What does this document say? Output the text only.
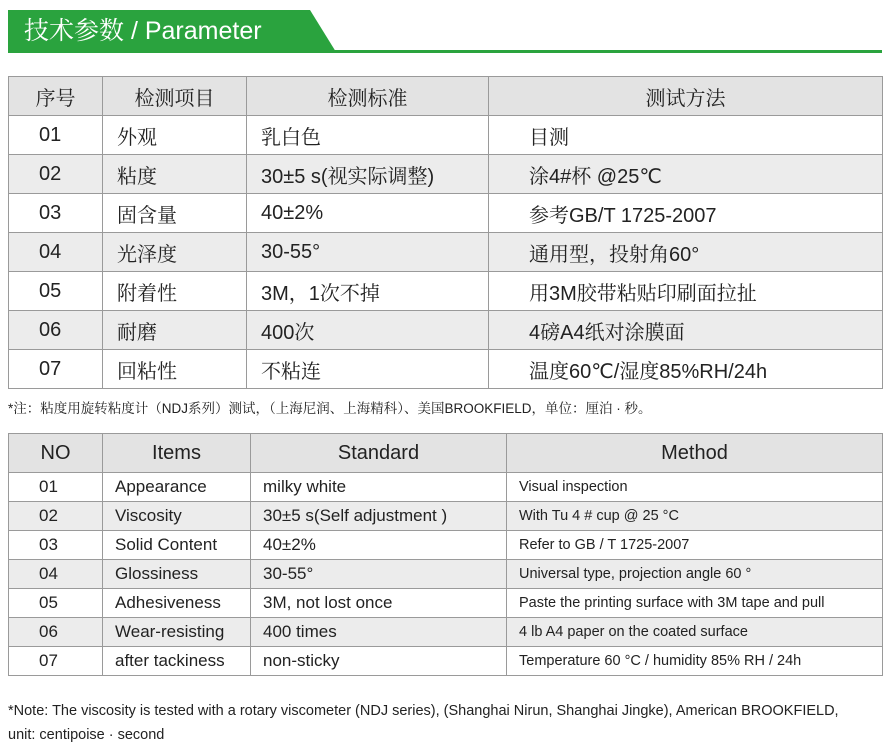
技术参数 / Parameter
序号	检测项目	检测标准	测试方法
01	外观	乳白色	目测
02	粘度	30±5 s(视实际调整)	涂4#杯 @25℃
03	固含量	40±2%	参考GB/T 1725-2007
04	光泽度	30-55°	通用型，投射角60°
05	附着性	3M，1次不掉	用3M胶带粘贴印刷面拉扯
06	耐磨	400次	4磅A4纸对涂膜面
07	回粘性	不粘连	温度60℃/湿度85%RH/24h
*注：粘度用旋转粘度计（NDJ系列）测试，（上海尼润、上海精科）、美国BROOKFIELD，单位：厘泊 · 秒。
NO	Items	Standard	Method
01	Appearance	milky white	Visual inspection
02	Viscosity	30±5 s(Self adjustment )	With Tu 4 # cup @ 25 °C
03	Solid Content	40±2%	Refer to GB / T 1725-2007
04	Glossiness	30-55°	Universal type, projection angle 60 °
05	Adhesiveness	3M, not lost once	Paste the printing surface with 3M tape and pull
06	Wear-resisting	400 times	4 lb A4 paper on the coated surface
07	after tackiness	non-sticky	Temperature 60 °C / humidity 85% RH / 24h
*Note: The viscosity is tested with a rotary viscometer (NDJ series), (Shanghai Nirun, Shanghai Jingke), American BROOKFIELD, unit: centipoise · second
